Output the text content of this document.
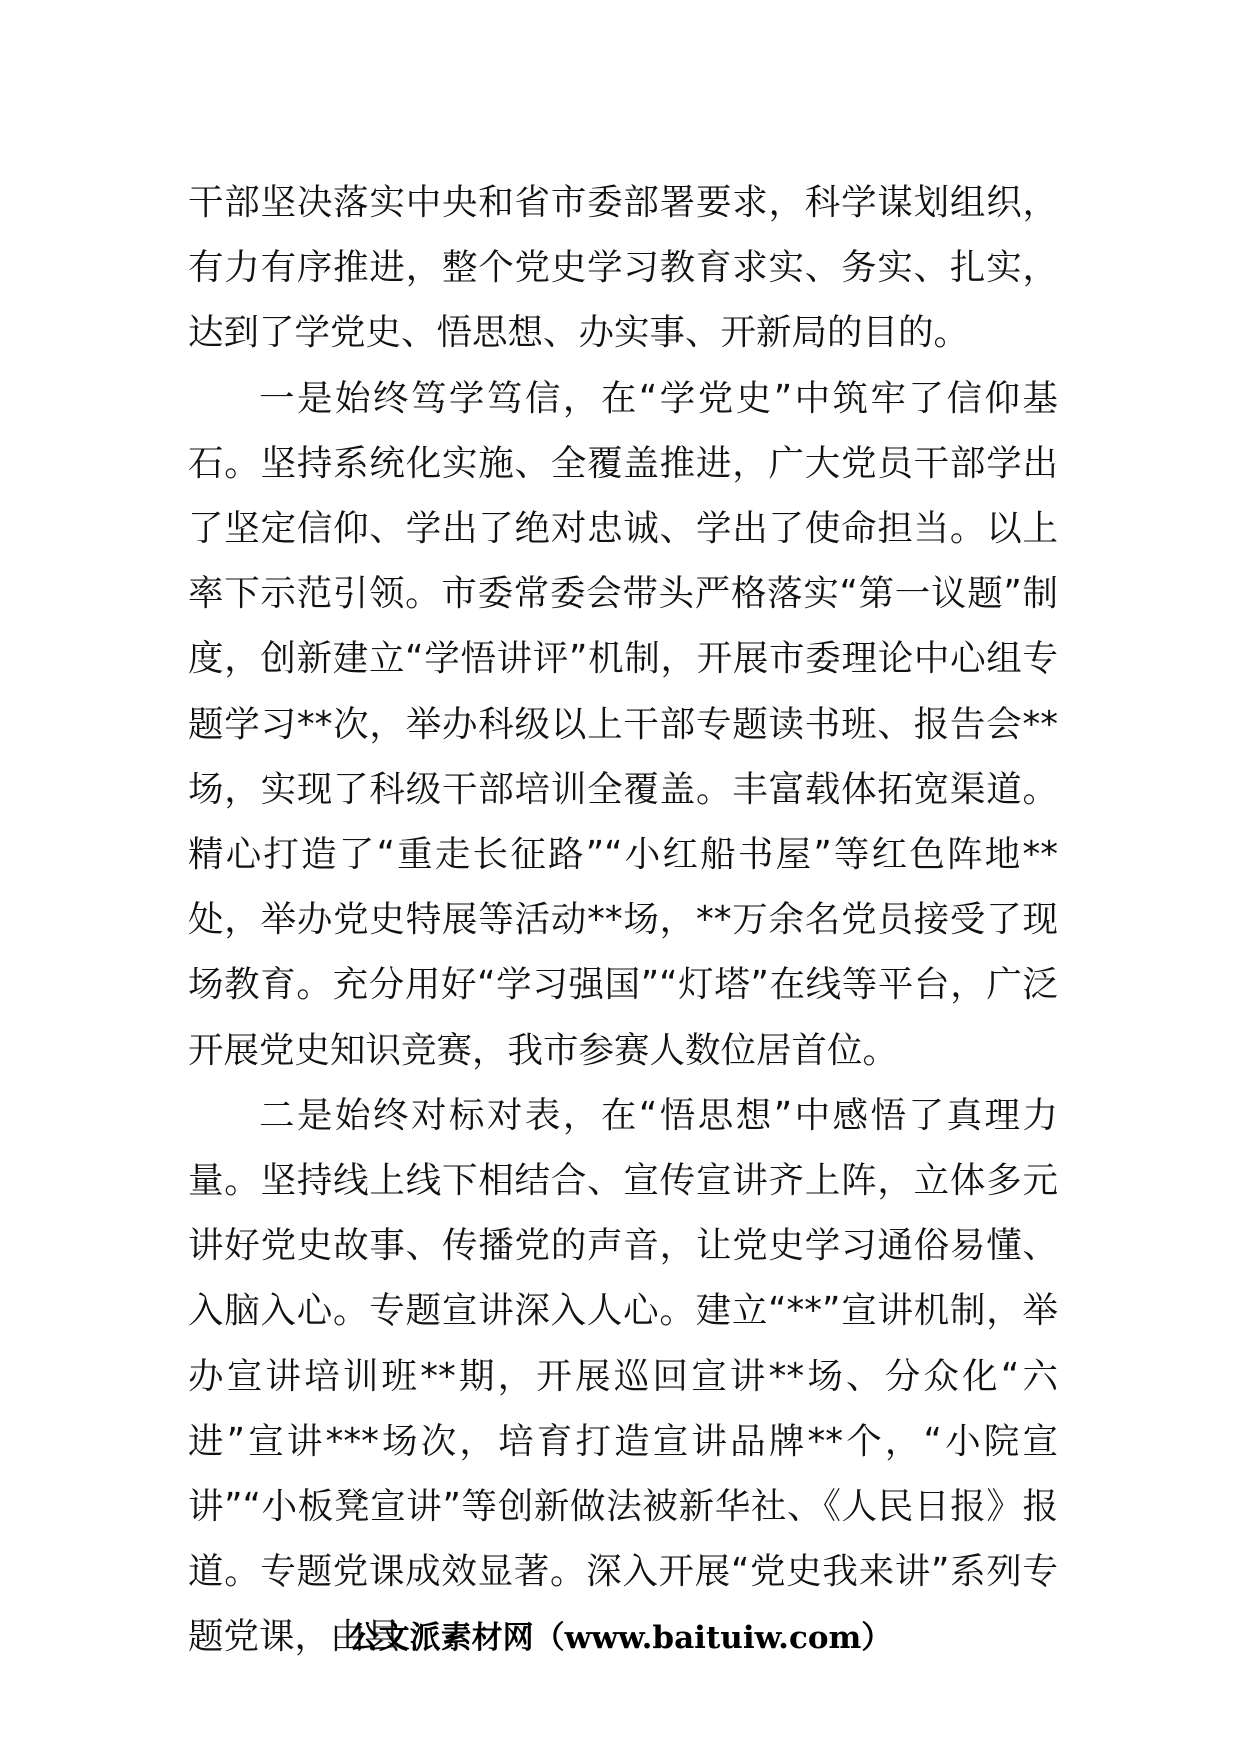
干部坚决落实中央和省市委部署要求，科学谋划组织，有力有序推进，整个党史学习教育求实、务实、扎实，达到了学党史、悟思想、办实事、开新局的目的。

一是始终笃学笃信，在“学党史”中筑牢了信仰基石。坚持系统化实施、全覆盖推进，广大党员干部学出了坚定信仰、学出了绝对忠诚、学出了使命担当。以上率下示范引领。市委常委会带头严格落实“第一议题”制度，创新建立“学悟讲评”机制，开展市委理论中心组专题学习**次，举办科级以上干部专题读书班、报告会**场，实现了科级干部培训全覆盖。丰富载体拓宽渠道。精心打造了“重走长征路”“小红船书屋”等红色阵地**处，举办党史特展等活动**场，**万余名党员接受了现场教育。充分用好“学习强国”“灯塔”在线等平台，广泛开展党史知识竞赛，我市参赛人数位居首位。

二是始终对标对表，在“悟思想”中感悟了真理力量。坚持线上线下相结合、宣传宣讲齐上阵，立体多元讲好党史故事、传播党的声音，让党史学习通俗易懂、入脑入心。专题宣讲深入人心。建立“**”宣讲机制，举办宣讲培训班**期，开展巡回宣讲**场、分众化“六进”宣讲***场次，培育打造宣讲品牌**个，“小院宣讲”“小板凳宣讲”等创新做法被新华社、《人民日报》报道。专题党课成效显著。深入开展“党史我来讲”系列专题党课，由县

公文派素材网（www.baituiw.com）
